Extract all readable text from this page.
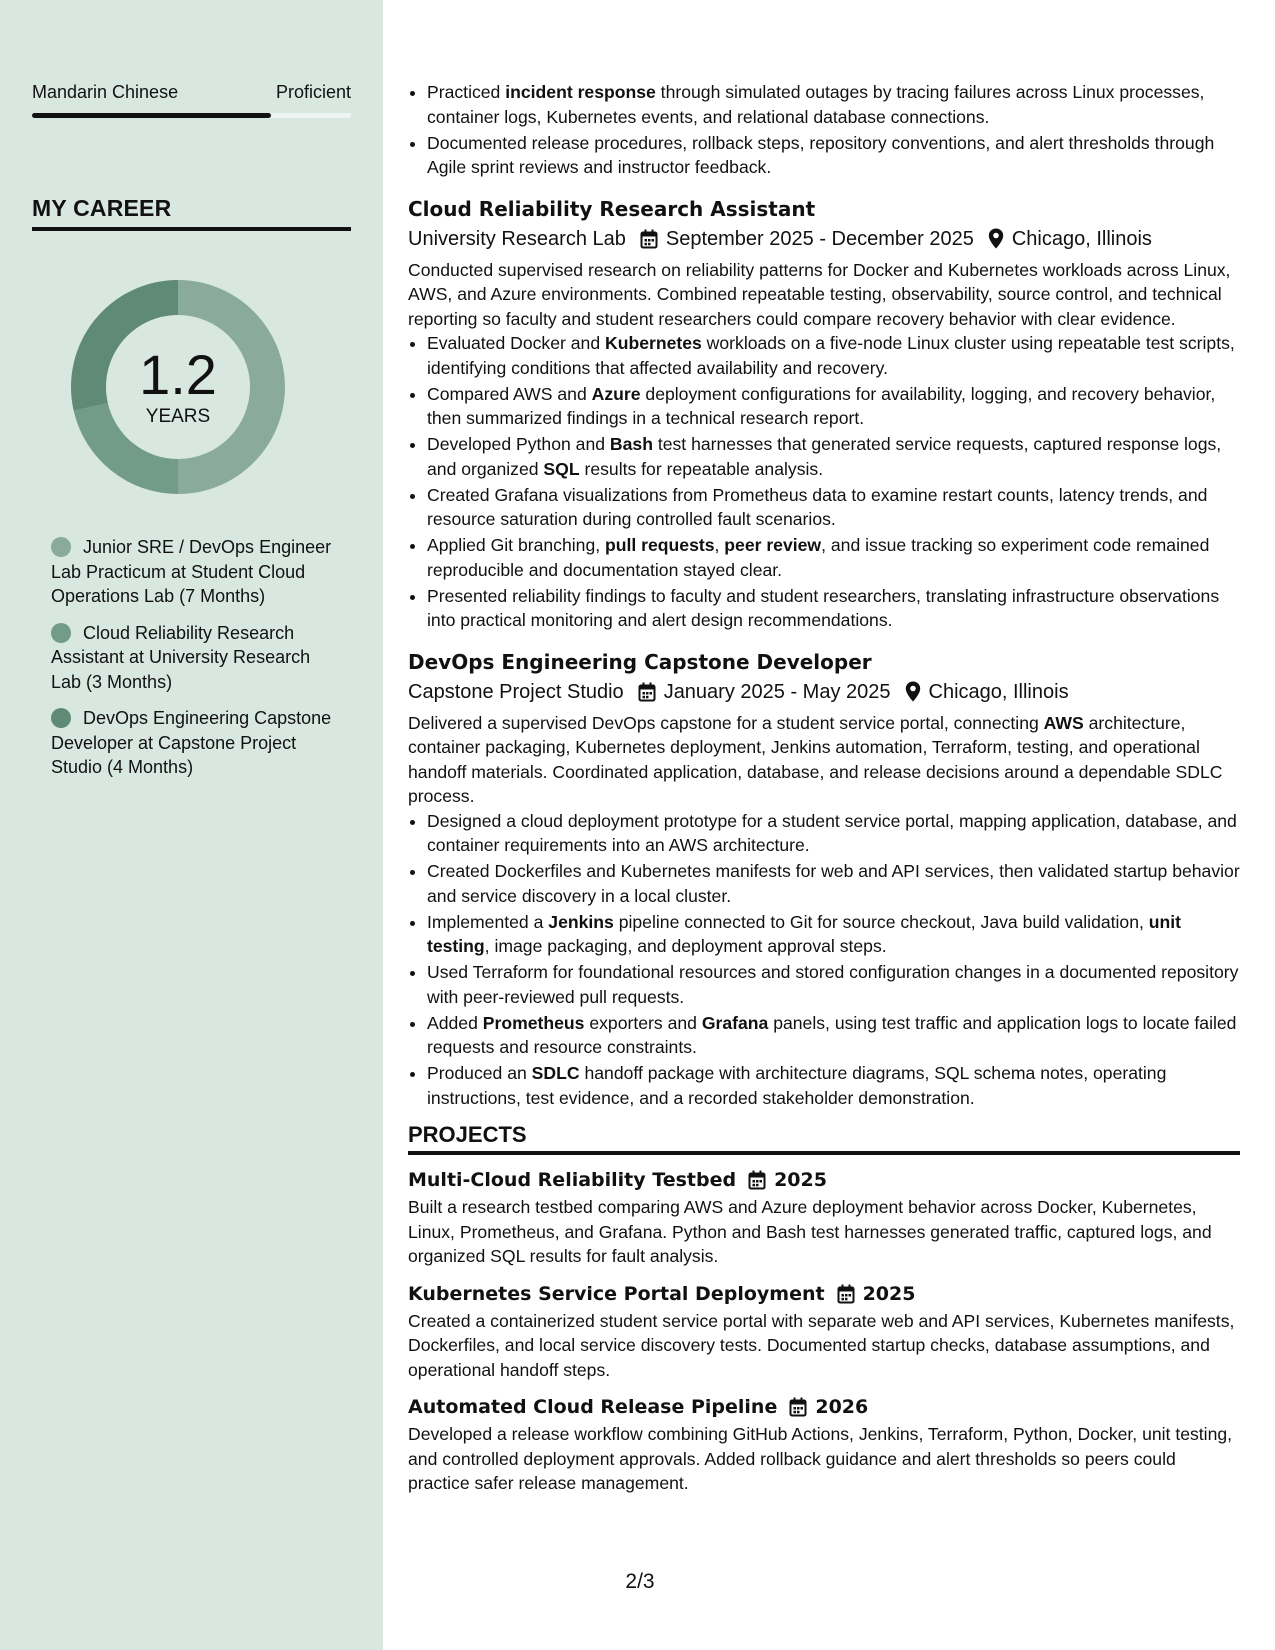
Mandarin Chinese	Proficient
MY CAREER
1.2
YEARS
Junior SRE / DevOps Engineer Lab Practicum at Student Cloud Operations Lab (7 Months)
Cloud Reliability Research Assistant at University Research Lab (3 Months)
DevOps Engineering Capstone Developer at Capstone Project Studio (4 Months)
• Practiced incident response through simulated outages by tracing failures across Linux processes, container logs, Kubernetes events, and relational database connections.
• Documented release procedures, rollback steps, repository conventions, and alert thresholds through Agile sprint reviews and instructor feedback.
Cloud Reliability Research Assistant
University Research Lab September 2025 - December 2025 Chicago, Illinois

Conducted supervised research on reliability patterns for Docker and Kubernetes workloads across Linux, AWS, and Azure environments. Combined repeatable testing, observability, source control, and technical reporting so faculty and student researchers could compare recovery behavior with clear evidence.

• Evaluated Docker and Kubernetes workloads on a five-node Linux cluster using repeatable test scripts, identifying conditions that affected availability and recovery.
• Compared AWS and Azure deployment configurations for availability, logging, and recovery behavior, then summarized findings in a technical research report.
• Developed Python and Bash test harnesses that generated service requests, captured response logs, and organized SQL results for repeatable analysis.
• Created Grafana visualizations from Prometheus data to examine restart counts, latency trends, and resource saturation during controlled fault scenarios.
• Applied Git branching, pull requests, peer review, and issue tracking so experiment code remained reproducible and documentation stayed clear.
• Presented reliability findings to faculty and student researchers, translating infrastructure observations into practical monitoring and alert design recommendations.
DevOps Engineering Capstone Developer
Capstone Project Studio January 2025 - May 2025 Chicago, Illinois

Delivered a supervised DevOps capstone for a student service portal, connecting AWS architecture, container packaging, Kubernetes deployment, Jenkins automation, Terraform, testing, and operational handoff materials. Coordinated application, database, and release decisions around a dependable SDLC process.

• Designed a cloud deployment prototype for a student service portal, mapping application, database, and container requirements into an AWS architecture.
• Created Dockerfiles and Kubernetes manifests for web and API services, then validated startup behavior and service discovery in a local cluster.
• Implemented a Jenkins pipeline connected to Git for source checkout, Java build validation, unit testing, image packaging, and deployment approval steps.
• Used Terraform for foundational resources and stored configuration changes in a documented repository with peer-reviewed pull requests.
• Added Prometheus exporters and Grafana panels, using test traffic and application logs to locate failed requests and resource constraints.
• Produced an SDLC handoff package with architecture diagrams, SQL schema notes, operating instructions, test evidence, and a recorded stakeholder demonstration.
PROJECTS
Multi-Cloud Reliability Testbed 2025

Built a research testbed comparing AWS and Azure deployment behavior across Docker, Kubernetes, Linux, Prometheus, and Grafana. Python and Bash test harnesses generated traffic, captured logs, and organized SQL results for fault analysis.

Kubernetes Service Portal Deployment 2025

Created a containerized student service portal with separate web and API services, Kubernetes manifests, Dockerfiles, and local service discovery tests. Documented startup checks, database assumptions, and operational handoff steps.

Automated Cloud Release Pipeline 2026

Developed a release workflow combining GitHub Actions, Jenkins, Terraform, Python, Docker, unit testing, and controlled deployment approvals. Added rollback guidance and alert thresholds so peers could practice safer release management.

2/3
